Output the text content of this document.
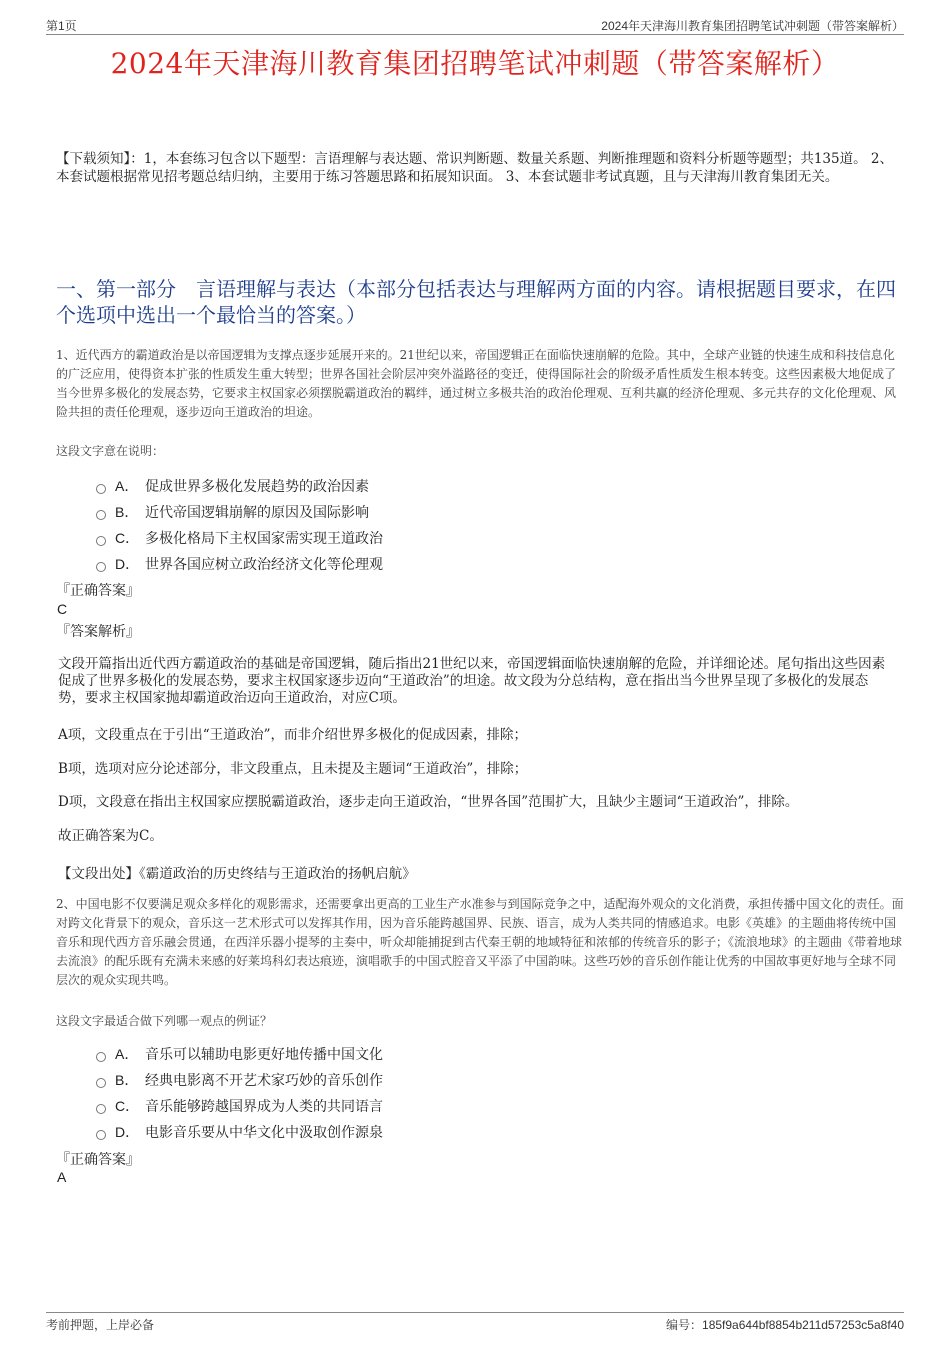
第1页	2024年天津海川教育集团招聘笔试冲刺题（带答案解析）
2024年天津海川教育集团招聘笔试冲刺题（带答案解析）
【下载须知】：1，本套练习包含以下题型：言语理解与表达题、常识判断题、数量关系题、判断推理题和资料分析题等题型；共135道。 2、本套试题根据常见招考题总结归纳，主要用于练习答题思路和拓展知识面。 3、本套试题非考试真题，且与天津海川教育集团无关。
一、第一部分　言语理解与表达（本部分包括表达与理解两方面的内容。请根据题目要求，在四个选项中选出一个最恰当的答案。）
1、近代西方的霸道政治是以帝国逻辑为支撑点逐步延展开来的。21世纪以来，帝国逻辑正在面临快速崩解的危险。其中，全球产业链的快速生成和科技信息化的广泛应用，使得资本扩张的性质发生重大转型；世界各国社会阶层冲突外溢路径的变迁，使得国际社会的阶级矛盾性质发生根本转变。这些因素极大地促成了当今世界多极化的发展态势，它要求主权国家必须摆脱霸道政治的羁绊，通过树立多极共治的政治伦理观、互利共赢的经济伦理观、多元共存的文化伦理观、风险共担的责任伦理观，逐步迈向王道政治的坦途。
这段文字意在说明：
A． 促成世界多极化发展趋势的政治因素
B． 近代帝国逻辑崩解的原因及国际影响
C． 多极化格局下主权国家需实现王道政治
D． 世界各国应树立政治经济文化等伦理观
『正确答案』
C
『答案解析』
文段开篇指出近代西方霸道政治的基础是帝国逻辑，随后指出21世纪以来，帝国逻辑面临快速崩解的危险，并详细论述。尾句指出这些因素促成了世界多极化的发展态势，要求主权国家逐步迈向“王道政治”的坦途。故文段为分总结构，意在指出当今世界呈现了多极化的发展态势，要求主权国家抛却霸道政治迈向王道政治，对应C项。
A项，文段重点在于引出“王道政治”，而非介绍世界多极化的促成因素，排除；
B项，选项对应分论述部分，非文段重点，且未提及主题词“王道政治”，排除；
D项，文段意在指出主权国家应摆脱霸道政治，逐步走向王道政治，“世界各国”范围扩大，且缺少主题词“王道政治”，排除。
故正确答案为C。
【文段出处】《霸道政治的历史终结与王道政治的扬帆启航》
2、中国电影不仅要满足观众多样化的观影需求，还需要拿出更高的工业生产水准参与到国际竞争之中，适配海外观众的文化消费，承担传播中国文化的责任。面对跨文化背景下的观众，音乐这一艺术形式可以发挥其作用，因为音乐能跨越国界、民族、语言，成为人类共同的情感追求。电影《英雄》的主题曲将传统中国音乐和现代西方音乐融会贯通，在西洋乐器小提琴的主奏中，听众却能捕捉到古代秦王朝的地域特征和浓郁的传统音乐的影子；《流浪地球》的主题曲《带着地球去流浪》的配乐既有充满未来感的好莱坞科幻表达痕迹，演唱歌手的中国式腔音又平添了中国韵味。这些巧妙的音乐创作能让优秀的中国故事更好地与全球不同层次的观众实现共鸣。
这段文字最适合做下列哪一观点的例证？
A． 音乐可以辅助电影更好地传播中国文化
B． 经典电影离不开艺术家巧妙的音乐创作
C． 音乐能够跨越国界成为人类的共同语言
D． 电影音乐要从中华文化中汲取创作源泉
『正确答案』
A
考前押题，上岸必备	编号：185f9a644bf8854b211d57253c5a8f40
